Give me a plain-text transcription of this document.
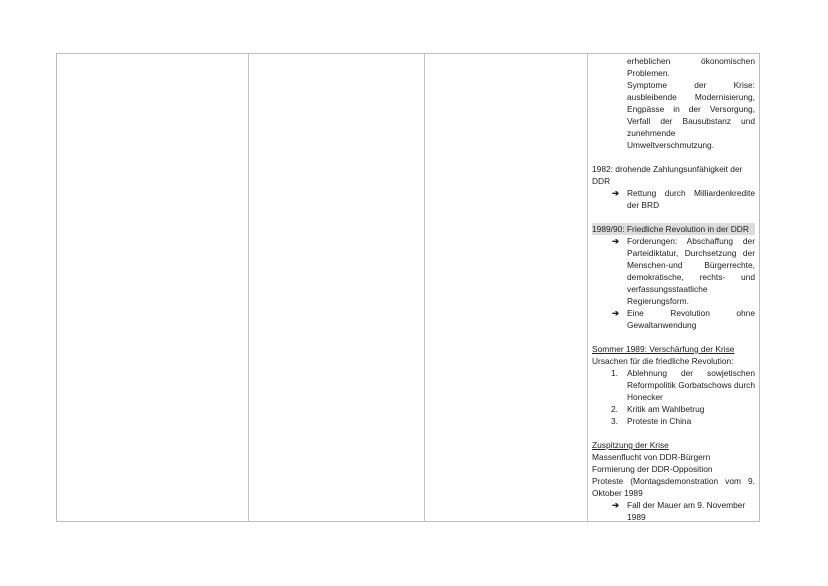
erheblichen ökonomischen Problemen.
Symptome der Krise: ausbleibende Modernisierung, Engpässe in der Versorgung, Verfall der Bausubstanz und zunehmende Umweltverschmutzung.
1982: drohende Zahlungsunfähigkeit der DDR
➔ Rettung durch Milliardenkredite der BRD
1989/90: Friedliche Revolution in der DDR
➔ Forderungen: Abschaffung der Parteidiktatur, Durchsetzung der Menschen-und Bürgerrechte, demokratische, rechts- und verfassungsstaatliche Regierungsform.
➔ Eine Revolution ohne Gewaltanwendung
Sommer 1989: Verschärfung der Krise
Ursachen für die friedliche Revolution:
1. Ablehnung der sowjetischen Reformpolitik Gorbatschows durch Honecker
2. Kritik am Wahlbetrug
3. Proteste in China
Zuspitzung der Krise
Massenflucht von DDR-Bürgern
Formierung der DDR-Opposition
Proteste (Montagsdemonstration vom 9. Oktober 1989
➔ Fall der Mauer am 9. November 1989
